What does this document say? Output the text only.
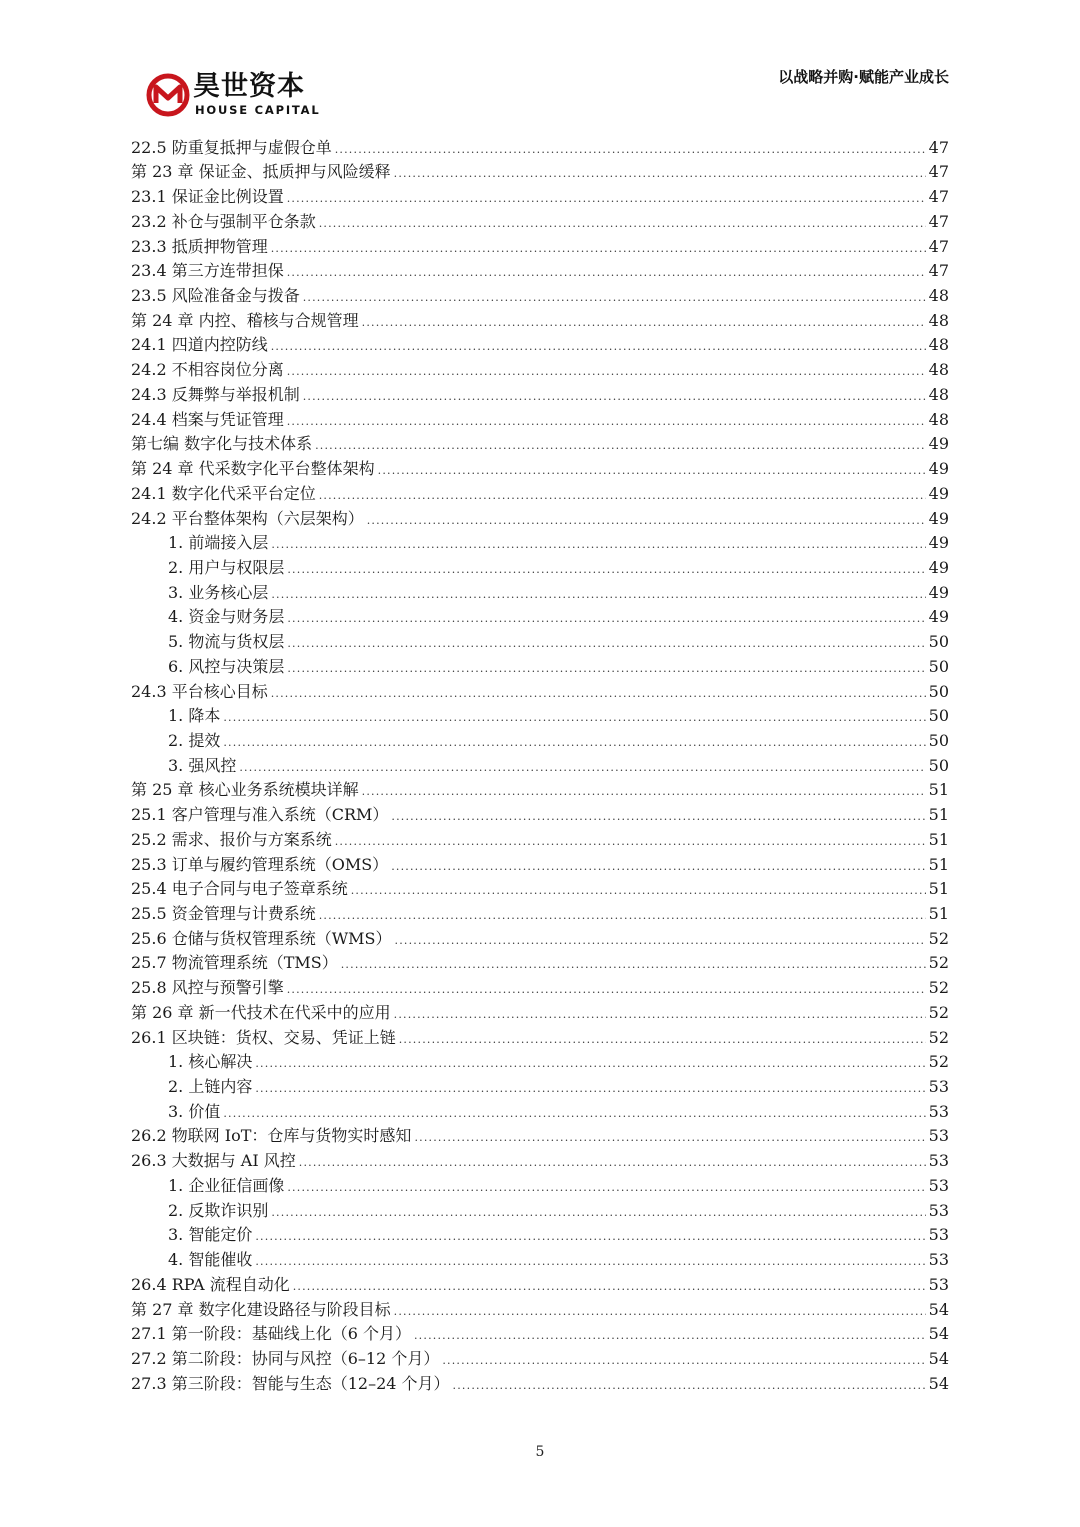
昊世资本
HOUSE CAPITAL
以战略并购·赋能产业成长
22.5 防重复抵押与虚假仓单 .....	47
第 23 章 保证金、抵质押与风险缓释 .....	47
23.1 保证金比例设置 .....	47
23.2 补仓与强制平仓条款 .....	47
23.3 抵质押物管理 .....	47
23.4 第三方连带担保 .....	47
23.5 风险准备金与拨备 .....	48
第 24 章 内控、稽核与合规管理 .....	48
24.1 四道内控防线 .....	48
24.2 不相容岗位分离 .....	48
24.3 反舞弊与举报机制 .....	48
24.4 档案与凭证管理 .....	48
第七编 数字化与技术体系 .....	49
第 24 章 代采数字化平台整体架构 .....	49
24.1 数字化代采平台定位 .....	49
24.2 平台整体架构（六层架构） .....	49
1. 前端接入层 .....	49
2. 用户与权限层 .....	49
3. 业务核心层 .....	49
4. 资金与财务层 .....	49
5. 物流与货权层 .....	50
6. 风控与决策层 .....	50
24.3 平台核心目标 .....	50
1. 降本 .....	50
2. 提效 .....	50
3. 强风控 .....	50
第 25 章 核心业务系统模块详解 .....	51
25.1 客户管理与准入系统（CRM） .....	51
25.2 需求、报价与方案系统 .....	51
25.3 订单与履约管理系统（OMS） .....	51
25.4 电子合同与电子签章系统 .....	51
25.5 资金管理与计费系统 .....	51
25.6 仓储与货权管理系统（WMS） .....	52
25.7 物流管理系统（TMS） .....	52
25.8 风控与预警引擎 .....	52
第 26 章 新一代技术在代采中的应用 .....	52
26.1 区块链：货权、交易、凭证上链 .....	52
1. 核心解决 .....	52
2. 上链内容 .....	53
3. 价值 .....	53
26.2 物联网 IoT：仓库与货物实时感知 .....	53
26.3 大数据与 AI 风控 .....	53
1. 企业征信画像 .....	53
2. 反欺诈识别 .....	53
3. 智能定价 .....	53
4. 智能催收 .....	53
26.4 RPA 流程自动化 .....	53
第 27 章 数字化建设路径与阶段目标 .....	54
27.1 第一阶段：基础线上化（6 个月） .....	54
27.2 第二阶段：协同与风控（6–12 个月） .....	54
27.3 第三阶段：智能与生态（12–24 个月） .....	54
5
